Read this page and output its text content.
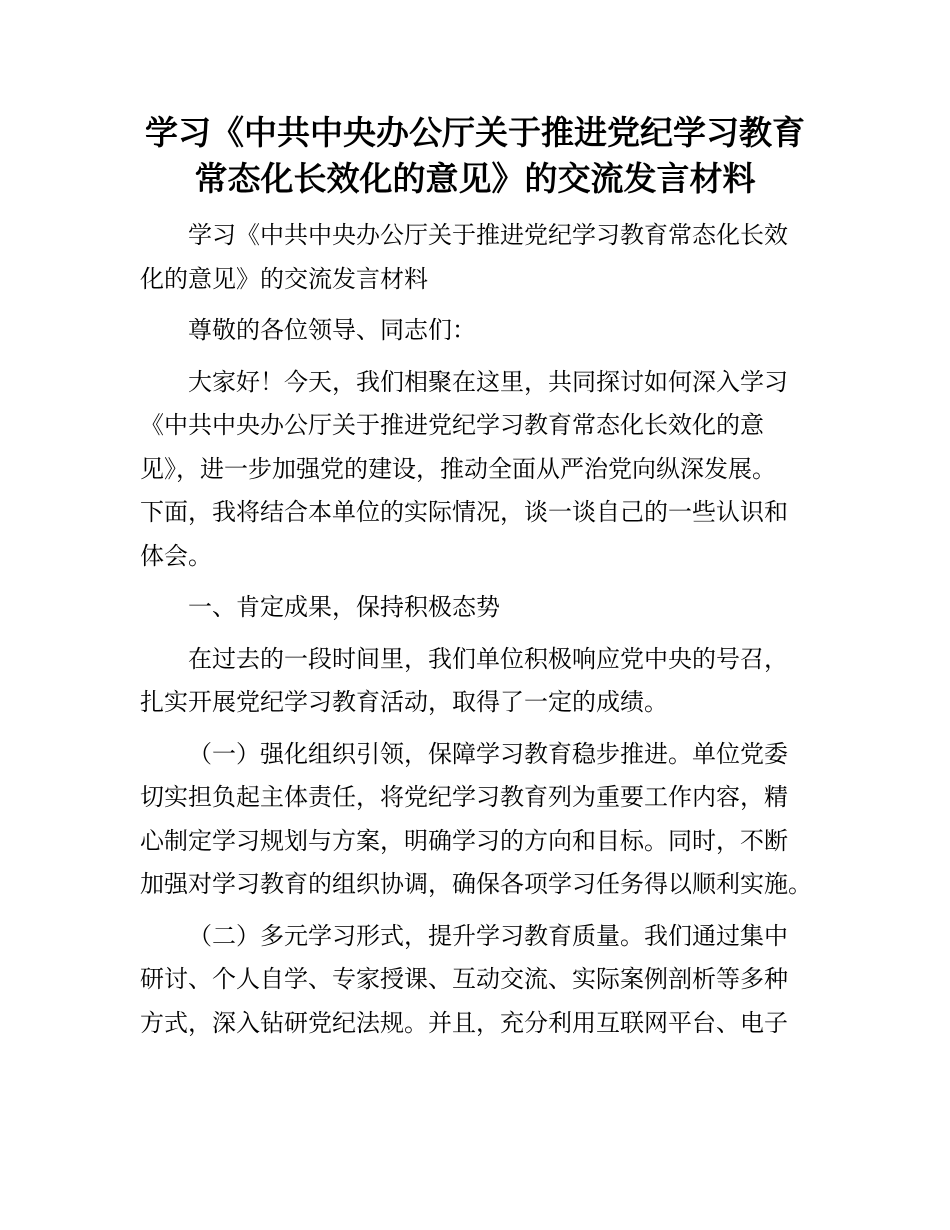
学习《中共中央办公厅关于推进党纪学习教育
常态化长效化的意见》的交流发言材料

学习《中共中央办公厅关于推进党纪学习教育常态化长效
化的意见》的交流发言材料

尊敬的各位领导、同志们：

大家好！今天，我们相聚在这里，共同探讨如何深入学习
《中共中央办公厅关于推进党纪学习教育常态化长效化的意
见》，进一步加强党的建设，推动全面从严治党向纵深发展。
下面，我将结合本单位的实际情况，谈一谈自己的一些认识和
体会。

一、肯定成果，保持积极态势

在过去的一段时间里，我们单位积极响应党中央的号召，
扎实开展党纪学习教育活动，取得了一定的成绩。

（一）强化组织引领，保障学习教育稳步推进。单位党委
切实担负起主体责任，将党纪学习教育列为重要工作内容，精
心制定学习规划与方案，明确学习的方向和目标。同时，不断
加强对学习教育的组织协调，确保各项学习任务得以顺利实施。

（二）多元学习形式，提升学习教育质量。我们通过集中
研讨、个人自学、专家授课、互动交流、实际案例剖析等多种
方式，深入钻研党纪法规。并且，充分利用互联网平台、电子
